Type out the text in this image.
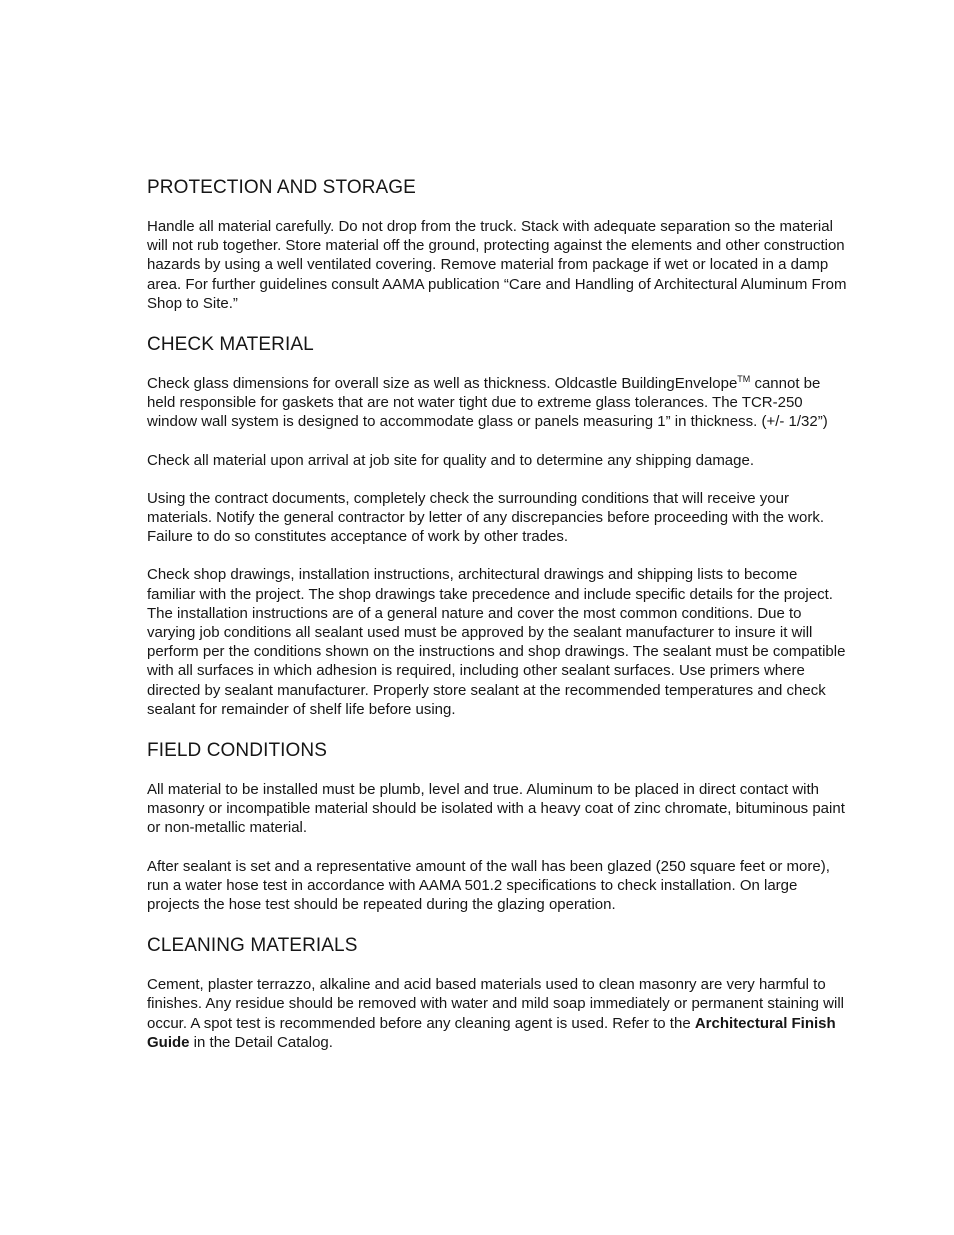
PROTECTION AND STORAGE

Handle all material carefully. Do not drop from the truck. Stack with adequate separation so the material will not rub together. Store material off the ground, protecting against the elements and other construction hazards by using a well ventilated covering. Remove material from package if wet or located in a damp area. For further guidelines consult AAMA publication “Care and Handling of Architectural Aluminum From Shop to Site.”

CHECK MATERIAL

Check glass dimensions for overall size as well as thickness. Oldcastle BuildingEnvelope™ cannot be held responsible for gaskets that are not water tight due to extreme glass tolerances. The TCR-250 window wall system is designed to accommodate glass or panels measuring 1” in thickness. (+/- 1/32”)

Check all material upon arrival at job site for quality and to determine any shipping damage.

Using the contract documents, completely check the surrounding conditions that will receive your materials. Notify the general contractor by letter of any discrepancies before proceeding with the work. Failure to do so constitutes acceptance of work by other trades.

Check shop drawings, installation instructions, architectural drawings and shipping lists to become familiar with the project. The shop drawings take precedence and include specific details for the project. The installation instructions are of a general nature and cover the most common conditions. Due to varying job conditions all sealant used must be approved by the sealant manufacturer to insure it will perform per the conditions shown on the instructions and shop drawings. The sealant must be compatible with all surfaces in which adhesion is required, including other sealant surfaces. Use primers where directed by sealant manufacturer. Properly store sealant at the recommended temperatures and check sealant for remainder of shelf life before using.

FIELD CONDITIONS

All material to be installed must be plumb, level and true. Aluminum to be placed in direct contact with masonry or incompatible material should be isolated with a heavy coat of zinc chromate, bituminous paint or non-metallic material.

After sealant is set and a representative amount of the wall has been glazed (250 square feet or more), run a water hose test in accordance with AAMA 501.2 specifications to check installation. On large projects the hose test should be repeated during the glazing operation.

CLEANING MATERIALS

Cement, plaster terrazzo, alkaline and acid based materials used to clean masonry are very harmful to finishes. Any residue should be removed with water and mild soap immediately or permanent staining will occur. A spot test is recommended before any cleaning agent is used. Refer to the Architectural Finish Guide in the Detail Catalog.
